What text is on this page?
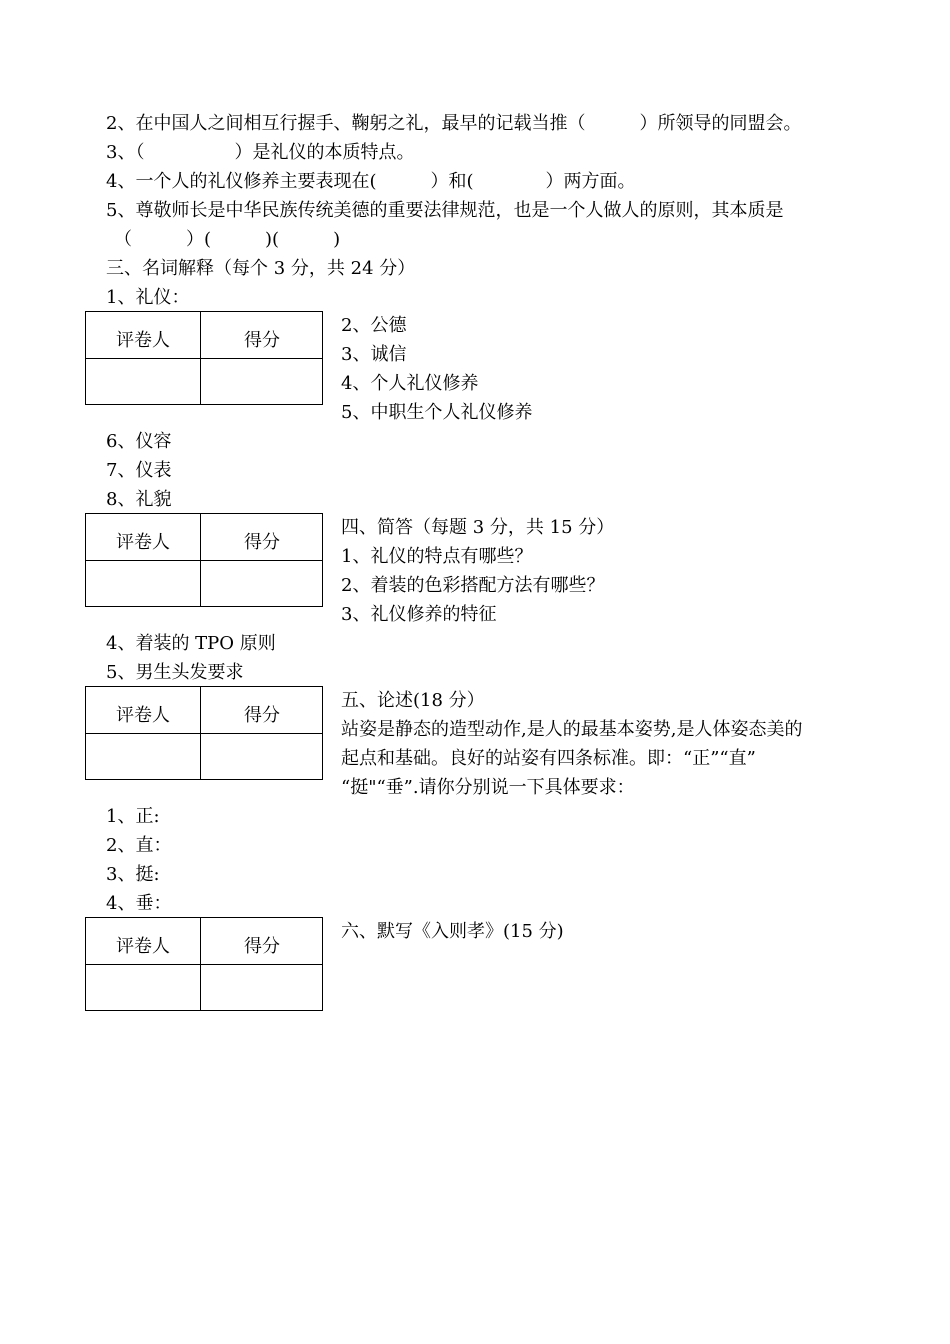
2、在中国人之间相互行握手、鞠躬之礼，最早的记载当推（　　　）所领导的同盟会。
3、（　　　　　）是礼仪的本质特点。
4、一个人的礼仪修养主要表现在(　　　）和(　　　　）两方面。
5、尊敬师长是中华民族传统美德的重要法律规范，也是一个人做人的原则，其本质是
（　　　）(　　　)(　　　)
三、名词解释（每个 3 分，共 24 分）
1、礼仪：
评卷人	得分
2、公德
3、诚信
4、个人礼仪修养
5、中职生个人礼仪修养
6、仪容
7、仪表
8、礼貌
评卷人	得分
四、简答（每题 3 分，共 15 分）
1、礼仪的特点有哪些？
2、着装的色彩搭配方法有哪些？
3、礼仪修养的特征
4、着装的 TPO 原则
5、男生头发要求
评卷人	得分
五、论述(18 分）
站姿是静态的造型动作,是人的最基本姿势,是人体姿态美的
起点和基础。良好的站姿有四条标准。即：“正”“直”
“挺"“垂”.请你分别说一下具体要求：
1、正:
2、直：
3、挺:
4、垂：
评卷人	得分
六、默写《入则孝》(15 分)
